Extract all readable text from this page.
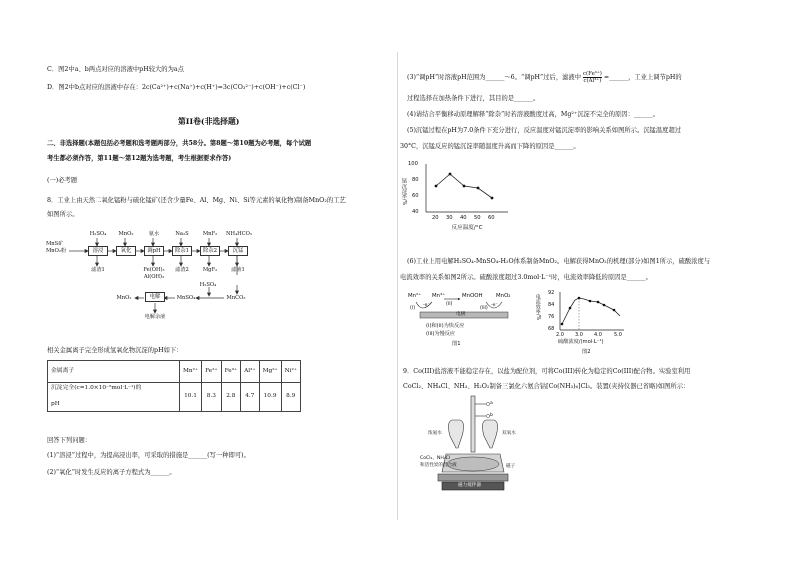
C．图2中a、b两点对应的溶液中pH较大的为a点
D．图2中b点对应的溶液中存在：2c(Ca²⁺)+c(Na⁺)+c(H⁺)=3c(CO₃²⁻)+c(OH⁻)+c(Cl⁻)
第II卷(非选择题)
二、非选择题(本题包括必考题和选考题两部分，共58分。第8题～第10题为必考题，每个试题
考生都必须作答，第11题～第12题为选考题，考生根据要求作答)
(一)必考题
8．工业上由天然二氧化锰粉与硫化锰矿(还含少量Fe、Al、Mg、Ni、Si等元素的氧化物)制备MnO₂的工艺
如图所示。
MnS矿
MnO₂粉	溶浸	氧化	调pH	除杂1	除杂2	沉锰
电解
H₂SO₄	MnO₂	氨水	Na₂S	MnF₂	NH₄HCO₃
滤渣1	Fe(OH)₃
Al(OH)₃
滤渣2	MgF₂	滤液1
H₂SO₄
MnSO₄	MnCO₃
MnO₂
电解余液
相关金属离子完全形成氢氧化物沉淀的pH如下：
金属离子	Mn²⁺	Fe²⁺	Fe³⁺	Al³⁺	Mg²⁺	Ni²⁺

沉淀完全(c=1.0×10⁻⁵mol·L⁻¹)的
pH	10.1	8.3	2.8	4.7	10.9	8.9
回答下列问题：
(1)“溶浸”过程中，为提高浸出率，可采取的措施是______(写一种即可)。
(2)“氧化”时发生反应的离子方程式为______。
(3)“调pH”时溶液pH范围为______～6。“调pH”过后，滤液中 $\frac{\text{c(Fe³⁺)}}{\text{c(Al³⁺)}}$ =______，工业上调节pH的
过程选择在加热条件下进行，其目的是______。
(4)请结合平衡移动原理解释“除杂”时若溶液酸度过高，Mg²⁺沉淀不完全的原因：______。
(5)沉锰过程在pH为7.0条件下充分进行，反应温度对锰沉淀率的影响关系如图所示。沉锰温度超过
30°C，沉锰反应的锰沉淀率随温度升高而下降的原因是______。
锰沉淀率/%
反应温度/°C
100
80
60
40
20 30 40 50 60
(6)工业上用电解H₂SO₄-MnSO₄-H₂O体系制备MnO₂。电解获得MnO₂的机理(部分)如图1所示，硫酸浓度与
电流效率的关系如图2所示。硫酸浓度超过3.0mol·L⁻¹时，电流效率降低的原因是______。
Mn²⁺ Mn³⁺	MnOOH MnO₂
-e⁻	-e⁻
(i)
(ii)
(iii)
电极
(i)和(ii)为快反应
(iii)为慢反应
图1
电流效率/%
92
84
76
68
2.0 3.0 4.0 5.0
硫酸浓度/(mol·L⁻¹)
图2
9．Co(III)盐溶液不能稳定存在，以盐为配位剂，可将Co(III)转化为稳定的Co(III)配合物。实验室利用
CoCl₂、NH₄Cl、NH₃、H₂O₂制备三氯化六氨合钴[Co(NH₃)₆]Cl₃。装置(夹持仪器已省略)如图所示：
a
b
浓氨水	双氧水
CoCl₂、NH₄Cl
和活性炭的混合液	磁子
磁力搅拌器
